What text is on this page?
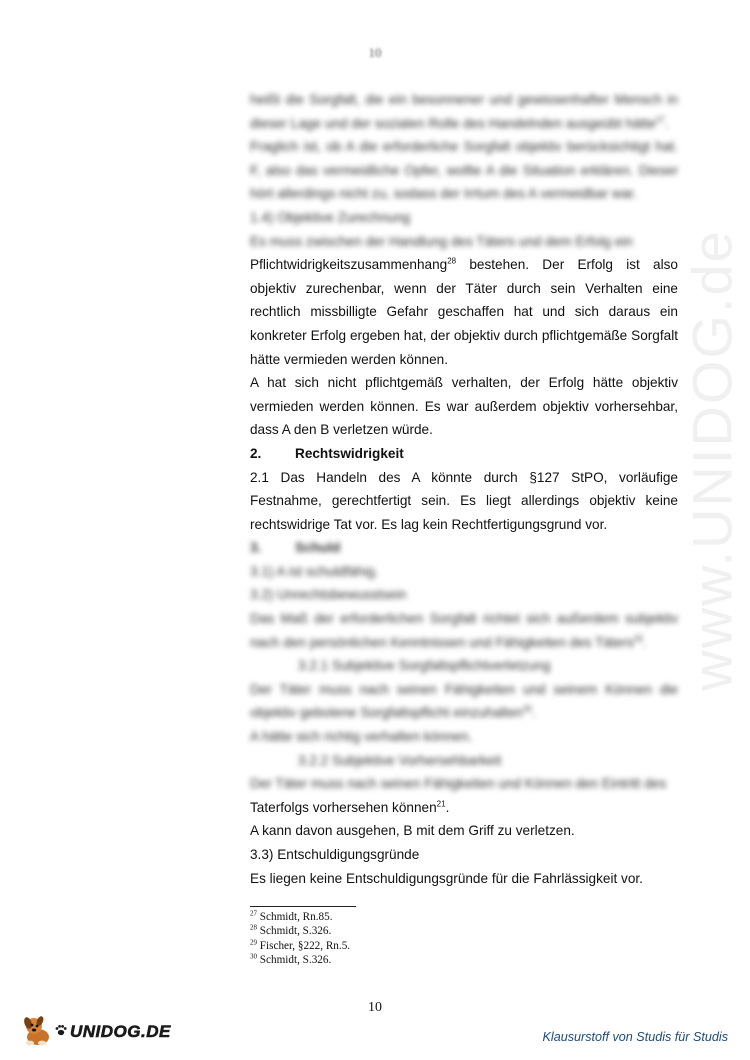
www.UNIDOG.de
10

heißt die Sorgfalt, die ein besonnener und gewissenhafter Mensch in dieser Lage und der sozialen Rolle des Handelnden ausgeübt hätte$^{27}$.

Fraglich ist, ob A die erforderliche Sorgfalt objektiv berücksichtigt hat. F, also das vermeidliche Opfer, wollte A die Situation erklären. Dieser hört allerdings nicht zu, sodass der Irrtum des A vermeidbar war.

1.4) Objektive Zurechnung

Es muss zwischen der Handlung des Täters und dem Erfolg ein
Pflichtwidrigkeitszusammenhang$^{28}$ bestehen. Der Erfolg ist also objektiv zurechenbar, wenn der Täter durch sein Verhalten eine rechtlich missbilligte Gefahr geschaffen hat und sich daraus ein konkreter Erfolg ergeben hat, der objektiv durch pflichtgemäße Sorgfalt hätte vermieden werden können.

A hat sich nicht pflichtgemäß verhalten, der Erfolg hätte objektiv vermieden werden können. Es war außerdem objektiv vorhersehbar, dass A den B verletzen würde.

2.	Rechtswidrigkeit

2.1 Das Handeln des A könnte durch §127 StPO, vorläufige Festnahme, gerechtfertigt sein. Es liegt allerdings objektiv keine rechtswidrige Tat vor. Es lag kein Rechtfertigungsgrund vor.

3.	Schuld

3.1) A ist schuldfähig.

3.2) Unrechtsbewusstsein

Das Maß der erforderlichen Sorgfalt richtet sich außerdem subjektiv nach den persönlichen Kenntnissen und Fähigkeiten des Täters$^{29}$.

3.2.1 Subjektive Sorgfaltspflichtverletzung

Der Täter muss nach seinen Fähigkeiten und seinem Können die objektiv gebotene Sorgfaltspflicht einzuhalten$^{30}$.

A hätte sich richtig verhalten können.

3.2.2 Subjektive Vorhersehbarkeit

Der Täter muss nach seinen Fähigkeiten und Können den Eintritt des
Taterfolgs vorhersehen können$^{21}$.

A kann davon ausgehen, B mit dem Griff zu verletzen.

3.3) Entschuldigungsgründe

Es liegen keine Entschuldigungsgründe für die Fahrlässigkeit vor.

$^{27}$ Schmidt, Rn.85.
$^{28}$ Schmidt, S.326.
$^{29}$ Fischer, §222, Rn.5.
$^{30}$ Schmidt, S.326.
10
UNIDOG.DE	Klausurstoff von Studis für Studis
